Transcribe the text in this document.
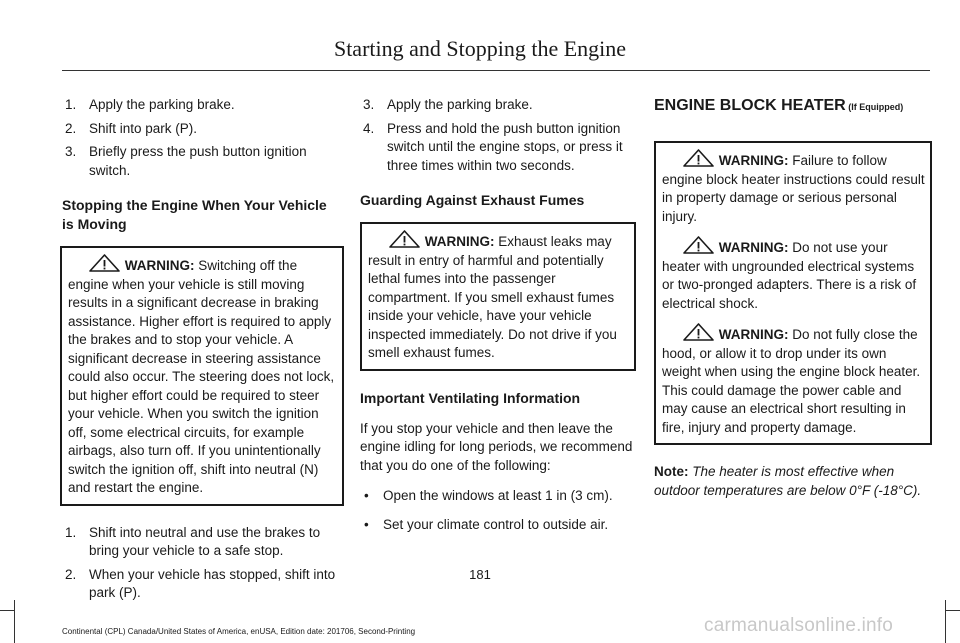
Starting and Stopping the Engine
1. Apply the parking brake.
2. Shift into park (P).
3. Briefly press the push button ignition switch.
Stopping the Engine When Your Vehicle is Moving
WARNING: Switching off the engine when your vehicle is still moving results in a significant decrease in braking assistance. Higher effort is required to apply the brakes and to stop your vehicle. A significant decrease in steering assistance could also occur. The steering does not lock, but higher effort could be required to steer your vehicle. When you switch the ignition off, some electrical circuits, for example airbags, also turn off. If you unintentionally switch the ignition off, shift into neutral (N) and restart the engine.
1. Shift into neutral and use the brakes to bring your vehicle to a safe stop.
2. When your vehicle has stopped, shift into park (P).
3. Apply the parking brake.
4. Press and hold the push button ignition switch until the engine stops, or press it three times within two seconds.
Guarding Against Exhaust Fumes
WARNING: Exhaust leaks may result in entry of harmful and potentially lethal fumes into the passenger compartment. If you smell exhaust fumes inside your vehicle, have your vehicle inspected immediately. Do not drive if you smell exhaust fumes.
Important Ventilating Information
If you stop your vehicle and then leave the engine idling for long periods, we recommend that you do one of the following:
• Open the windows at least 1 in (3 cm).
• Set your climate control to outside air.
ENGINE BLOCK HEATER (If Equipped)
WARNING: Failure to follow engine block heater instructions could result in property damage or serious personal injury.
WARNING: Do not use your heater with ungrounded electrical systems or two-pronged adapters. There is a risk of electrical shock.
WARNING: Do not fully close the hood, or allow it to drop under its own weight when using the engine block heater. This could damage the power cable and may cause an electrical short resulting in fire, injury and property damage.
Note: The heater is most effective when outdoor temperatures are below 0°F (-18°C).
181
Continental (CPL) Canada/United States of America, enUSA, Edition date: 201706, Second-Printing	carmanualsonline.info
